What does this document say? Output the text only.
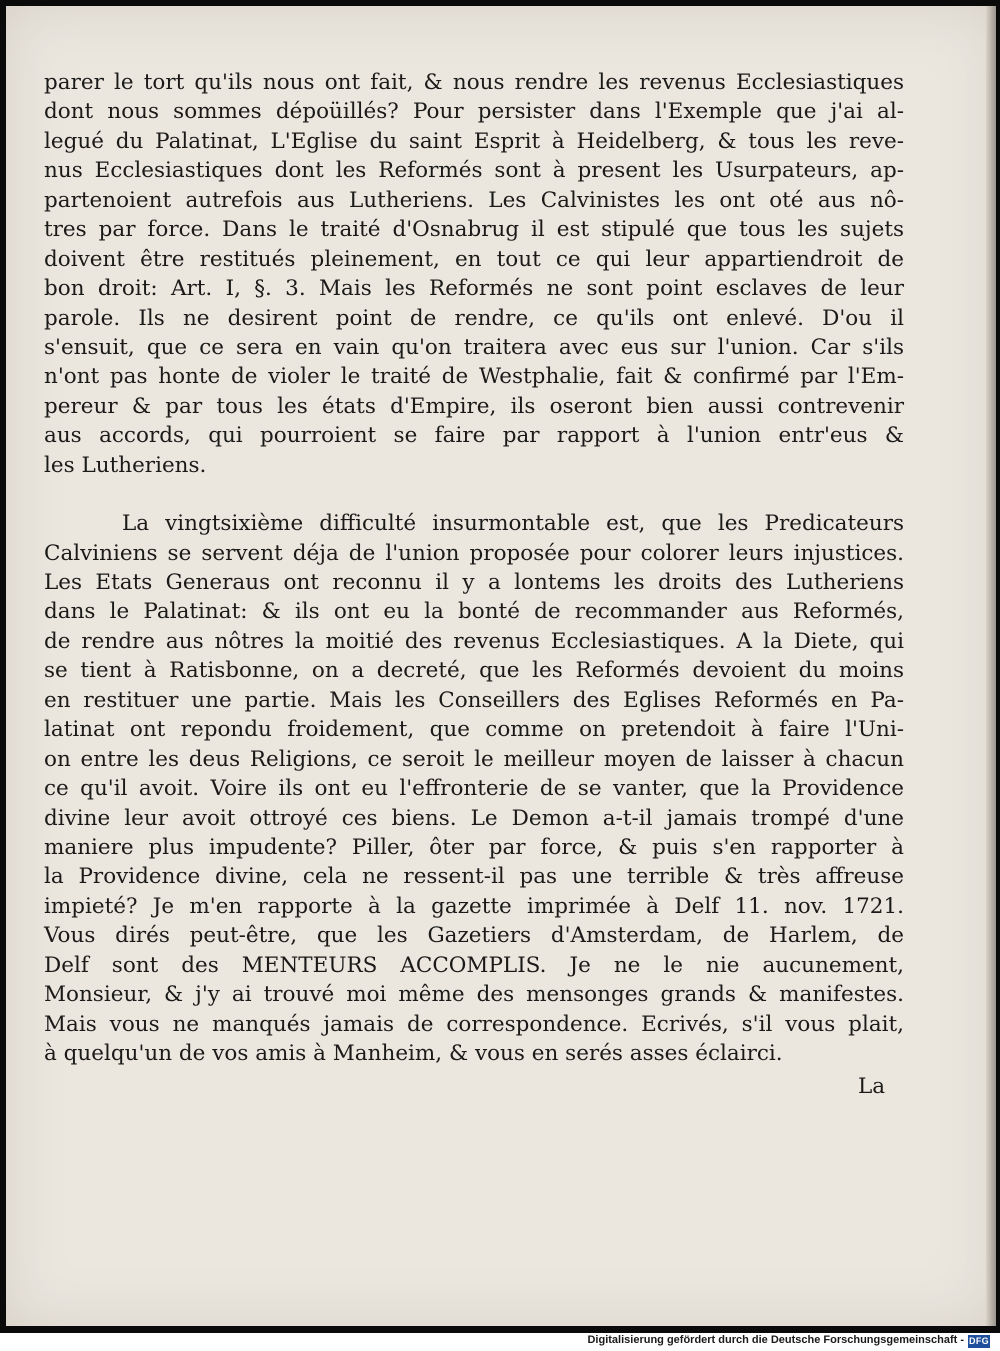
parer le tort qu'ils nous ont fait, & nous rendre les revenus Ecclesiastiques
dont nous sommes dépoüillés? Pour persister dans l'Exemple que j'ai al-
legué du Palatinat, L'Eglise du saint Esprit à Heidelberg, & tous les reve-
nus Ecclesiastiques dont les Reformés sont à present les Usurpateurs, ap-
partenoient autrefois aus Lutheriens. Les Calvinistes les ont oté aus nô-
tres par force. Dans le traité d'Osnabrug il est stipulé que tous les sujets
doivent être restitués pleinement, en tout ce qui leur appartiendroit de
bon droit: Art. I, §. 3. Mais les Reformés ne sont point esclaves de leur
parole. Ils ne desirent point de rendre, ce qu'ils ont enlevé. D'ou il
s'ensuit, que ce sera en vain qu'on traitera avec eus sur l'union. Car s'ils
n'ont pas honte de violer le traité de Westphalie, fait & confirmé par l'Em-
pereur & par tous les états d'Empire, ils oseront bien aussi contrevenir
aus accords, qui pourroient se faire par rapport à l'union entr'eus &
les Lutheriens.
La vingtsixième difficulté insurmontable est, que les Predicateurs
Calviniens se servent déja de l'union proposée pour colorer leurs injustices.
Les Etats Generaus ont reconnu il y a lontems les droits des Lutheriens
dans le Palatinat: & ils ont eu la bonté de recommander aus Reformés,
de rendre aus nôtres la moitié des revenus Ecclesiastiques. A la Diete, qui
se tient à Ratisbonne, on a decreté, que les Reformés devoient du moins
en restituer une partie. Mais les Conseillers des Eglises Reformés en Pa-
latinat ont repondu froidement, que comme on pretendoit à faire l'Uni-
on entre les deus Religions, ce seroit le meilleur moyen de laisser à chacun
ce qu'il avoit. Voire ils ont eu l'effronterie de se vanter, que la Providence
divine leur avoit ottroyé ces biens. Le Demon a-t-il jamais trompé d'une
maniere plus impudente? Piller, ôter par force, & puis s'en rapporter à
la Providence divine, cela ne ressent-il pas une terrible & très affreuse
impieté? Je m'en rapporte à la gazette imprimée à Delf 11. nov. 1721.
Vous dirés peut-être, que les Gazetiers d'Amsterdam, de Harlem, de
Delf sont des MENTEURS ACCOMPLIS. Je ne le nie aucunement,
Monsieur, & j'y ai trouvé moi même des mensonges grands & manifestes.
Mais vous ne manqués jamais de correspondence. Ecrivés, s'il vous plait,
à quelqu'un de vos amis à Manheim, & vous en serés asses éclairci.
La
Digitalisierung gefördert durch die Deutsche Forschungsgemeinschaft - DFG
